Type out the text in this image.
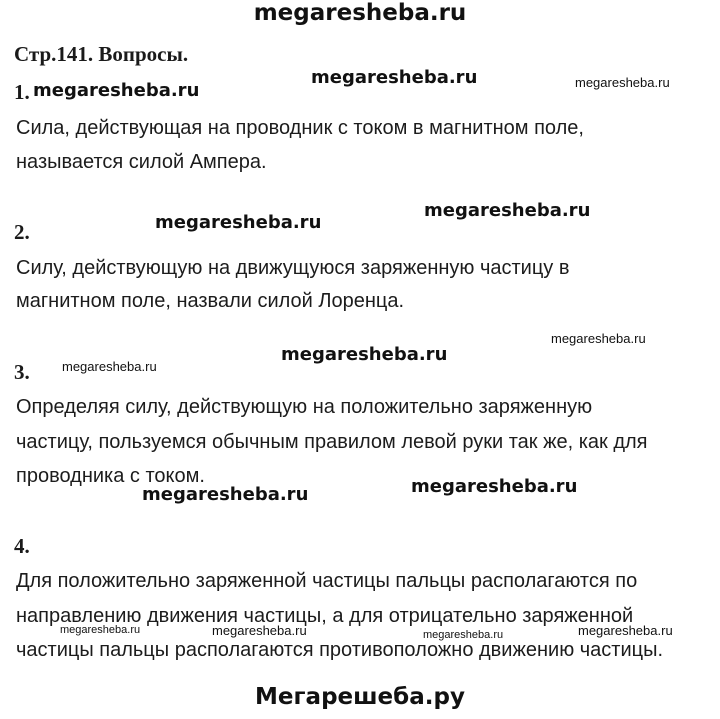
megaresheba.ru
Стр.141. Вопросы.
1. megaresheba.ru
Сила, действующая на проводник с током в магнитном поле,
называется силой Ампера.
2.
Силу, действующую на движущуюся заряженную частицу в
магнитном поле, назвали силой Лоренца.
3.
Определяя силу, действующую на положительно заряженную
частицу, пользуемся обычным правилом левой руки так же, как для
проводника с током.
4.
Для положительно заряженной частицы пальцы располагаются по
направлению движения частицы, а для отрицательно заряженной
частицы пальцы располагаются противоположно движению частицы.
megaresheba.ru	megaresheba.ru
megaresheba.ru
megaresheba.ru
megaresheba.ru
megaresheba.ru
megaresheba.ru
megaresheba.ru	megaresheba.ru
megaresheba.ru	megaresheba.ru	megaresheba.ru	megaresheba.ru
Мегарешеба.ру
